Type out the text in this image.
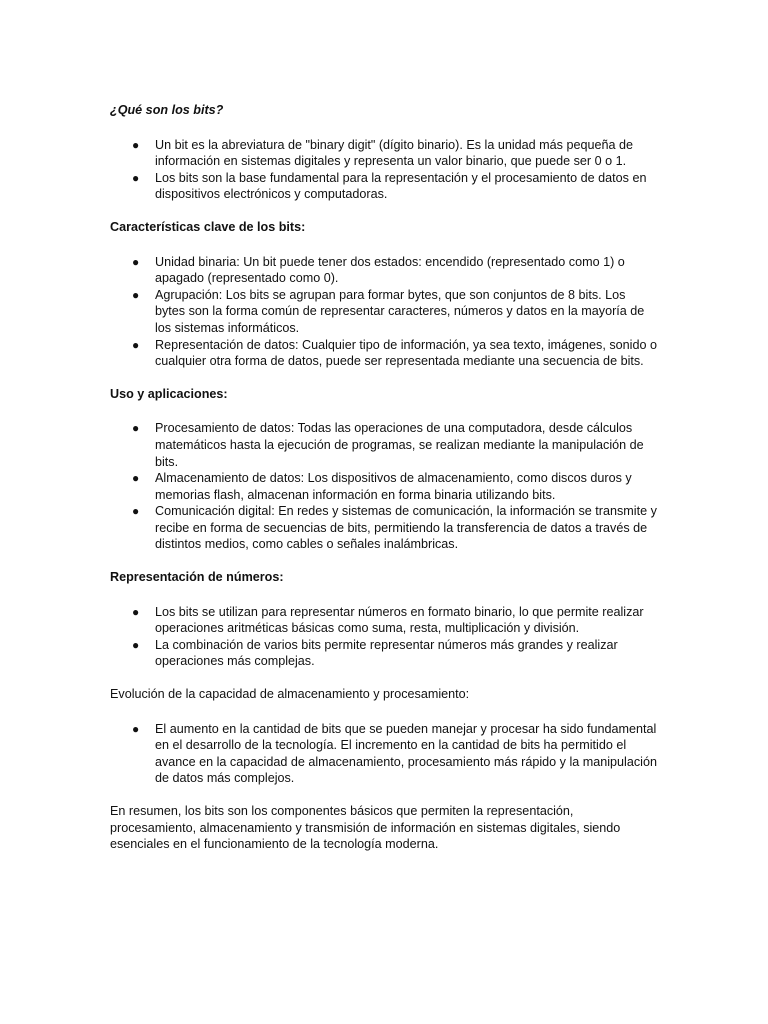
¿Qué son los bits?

● Un bit es la abreviatura de "binary digit" (dígito binario). Es la unidad más pequeña de información en sistemas digitales y representa un valor binario, que puede ser 0 o 1.
● Los bits son la base fundamental para la representación y el procesamiento de datos en dispositivos electrónicos y computadoras.

Características clave de los bits:

● Unidad binaria: Un bit puede tener dos estados: encendido (representado como 1) o apagado (representado como 0).
● Agrupación: Los bits se agrupan para formar bytes, que son conjuntos de 8 bits. Los bytes son la forma común de representar caracteres, números y datos en la mayoría de los sistemas informáticos.
● Representación de datos: Cualquier tipo de información, ya sea texto, imágenes, sonido o cualquier otra forma de datos, puede ser representada mediante una secuencia de bits.

Uso y aplicaciones:

● Procesamiento de datos: Todas las operaciones de una computadora, desde cálculos matemáticos hasta la ejecución de programas, se realizan mediante la manipulación de bits.
● Almacenamiento de datos: Los dispositivos de almacenamiento, como discos duros y memorias flash, almacenan información en forma binaria utilizando bits.
● Comunicación digital: En redes y sistemas de comunicación, la información se transmite y recibe en forma de secuencias de bits, permitiendo la transferencia de datos a través de distintos medios, como cables o señales inalámbricas.

Representación de números:

● Los bits se utilizan para representar números en formato binario, lo que permite realizar operaciones aritméticas básicas como suma, resta, multiplicación y división.
● La combinación de varios bits permite representar números más grandes y realizar operaciones más complejas.

Evolución de la capacidad de almacenamiento y procesamiento:

● El aumento en la cantidad de bits que se pueden manejar y procesar ha sido fundamental en el desarrollo de la tecnología. El incremento en la cantidad de bits ha permitido el avance en la capacidad de almacenamiento, procesamiento más rápido y la manipulación de datos más complejos.

En resumen, los bits son los componentes básicos que permiten la representación, procesamiento, almacenamiento y transmisión de información en sistemas digitales, siendo esenciales en el funcionamiento de la tecnología moderna.
